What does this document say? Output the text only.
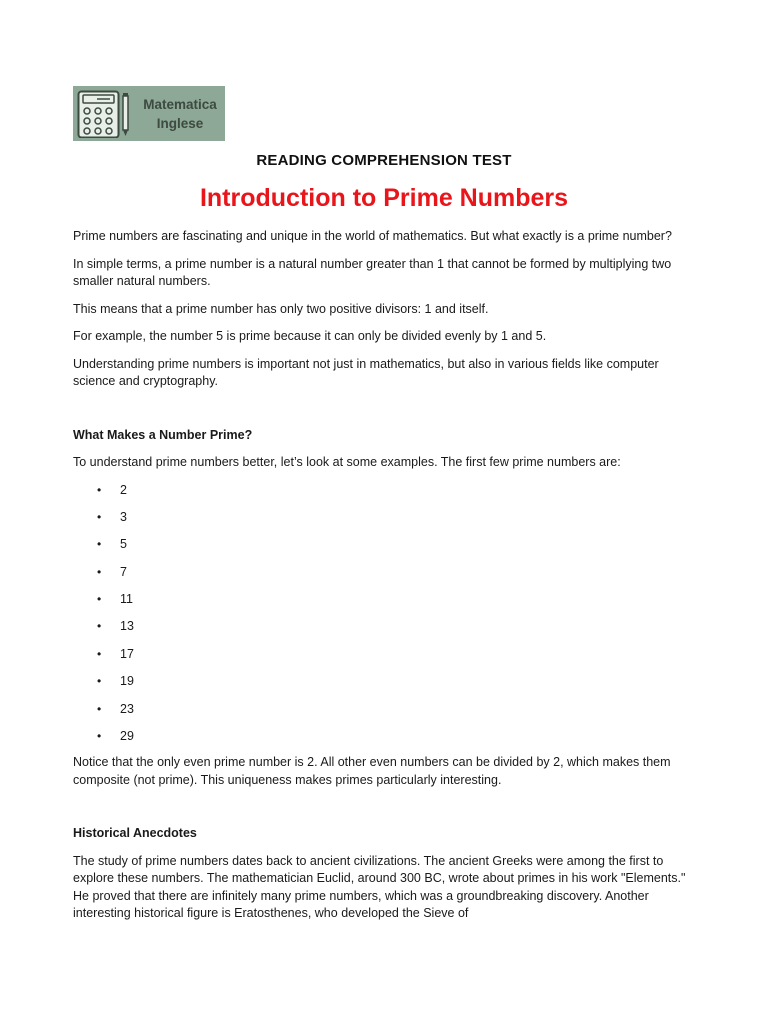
Matematica
Inglese
READING COMPREHENSION TEST
Introduction to Prime Numbers

Prime numbers are fascinating and unique in the world of mathematics. But what exactly is a prime number?

In simple terms, a prime number is a natural number greater than 1 that cannot be formed by multiplying two smaller natural numbers.

This means that a prime number has only two positive divisors: 1 and itself.

For example, the number 5 is prime because it can only be divided evenly by 1 and 5.

Understanding prime numbers is important not just in mathematics, but also in various fields like computer science and cryptography.

What Makes a Number Prime?

To understand prime numbers better, let’s look at some examples. The first few prime numbers are:

• 2
• 3
• 5
• 7
• 11
• 13
• 17
• 19
• 23
• 29

Notice that the only even prime number is 2. All other even numbers can be divided by 2, which makes them composite (not prime). This uniqueness makes primes particularly interesting.

Historical Anecdotes

The study of prime numbers dates back to ancient civilizations. The ancient Greeks were among the first to explore these numbers. The mathematician Euclid, around 300 BC, wrote about primes in his work "Elements." He proved that there are infinitely many prime numbers, which was a groundbreaking discovery. Another interesting historical figure is Eratosthenes, who developed the Sieve of
